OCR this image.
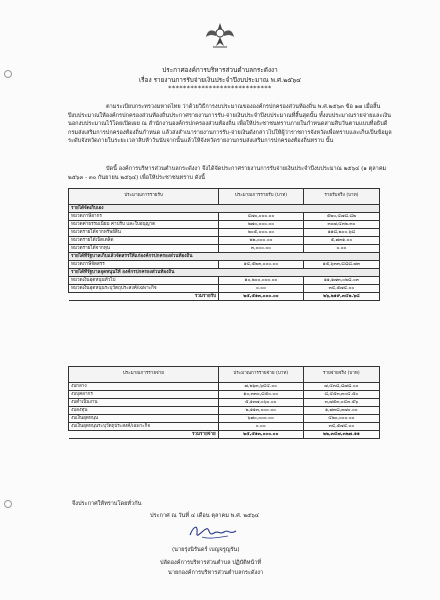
ประกาศองค์การบริหารส่วนตำบลกระดังงา
เรื่อง รายงานการรับจ่ายเงินประจำปีงบประมาณ พ.ศ.๒๕๖๔
****************************
ตามระเบียบกระทรวงมหาดไทย ว่าด้วยวิธีการงบประมาณขององค์กรปกครองส่วนท้องถิ่น พ.ศ.๒๕๖๓ ข้อ ๑๗ เมื่อสิ้นปีงบประมาณให้องค์กรปกครองส่วนท้องถิ่นประกาศรายงานการรับ-จ่ายเงินประจำปีงบประมาณที่สิ้นสุดนั้น ทั้งงบประมาณรายจ่ายและเงินนอกงบประมาณไว้โดยเปิดเผย ณ สำนักงานองค์กรปกครองส่วนท้องถิ่น เพื่อให้ประชาชนทราบภายในกำหนดสามสิบวันตามแบบที่อธิบดีกรมส่งเสริมการปกครองท้องถิ่นกำหนด แล้วส่งสำเนารายงานการรับ-จ่ายเงินดังกล่าวไปให้ผู้ว่าราชการจังหวัดเพื่อทราบและเก็บเป็นข้อมูลระดับจังหวัดภายในระยะเวลาสิบห้าวันนับจากนั้นแล้วให้จังหวัดรายงานกรมส่งเสริมการปกครองท้องถิ่นทราบ นั้น
บัดนี้ องค์การบริหารส่วนตำบลกระดังงา จึงได้จัดประกาศรายงานการรับจ่ายเงินประจำปีงบประมาณ ๒๕๖๔ (๑ ตุลาคม ๒๕๖๓ - ๓๐ กันยายน ๒๕๖๔) เพื่อให้ประชาชนทราบ ดังนี้
ประมาณการรายรับ	ประมาณการรายรับ (บาท)	รายรับจริง (บาท)
รายได้จัดเก็บเอง		
หมวดภาษีอากร	๔๗๐,๐๐๐.๐๐	๕๒๐,๔๗๘.๘๒
หมวดค่าธรรมเนียม ค่าปรับ และใบอนุญาต	๒๗๐,๐๐๐.๐๐	๓๐๗,๔๓๒.๓๐
หมวดรายได้จากทรัพย์สิน	๒๐๕,๐๐๐.๐๐	๑๑๘,๒๐๐.๖๘
หมวดรายได้เบ็ดเตล็ด	๒๒,๐๐๐.๐๐	๕,๗๓๑.๐๐
หมวดรายได้จากทุน	๓,๐๐๐.๐๐	๐.๐๐
รายได้ที่รัฐบาลเก็บแล้วจัดสรรให้แก่องค์กรปกครองส่วนท้องถิ่น		
หมวดภาษีจัดสรร	๑๔,๕๒๓,๐๐๐.๐๐	๑๕,๖๓๓,๘๘๘.๗๓
รายได้ที่รัฐบาลอุดหนุนให้ องค์กรปกครองส่วนท้องถิ่น		
หมวดเงินอุดหนุนทั่วไป	๑๐,๒๐๐,๐๐๐.๐๐	๑๑,๑๗๓,๐๒๘.๐๓
หมวดเงินอุดหนุนระบุวัตถุประสงค์/เฉพาะกิจ	๐.๐๐	๓๔,๕๗๔.๐๐
รวมรายรับ	๒๕,๕๑๓,๐๐๐.๐๐	๒๖,๒๑๙,๓๔๒.๖๘
ประมาณการรายจ่าย	ประมาณการรายจ่าย (บาท)	รายจ่ายจริง (บาท)
งบกลาง	๗,๒๖๓,๖๔๔.๐๐	๗,๔๓๘,๘๗๘.๐๐
งบบุคลากร	๑๐,๓๓๐,๘๕๐.๐๐	๘,๔๕๓,๓๐๔.๕๐
งบดำเนินงาน	๕,๑๓๗,๐๖๐.๐๐	๓,๗๕๓,๐๔๓.๕๖
งบลงทุน	๒,๑๑๓,๐๐๐.๐๐	๑,๗๓๘,๓๗๐.๐๐
งบเงินอุดหนุน	๖๗๐,๐๐๐.๐๐	๔๒๐,๐๐๐.๐๐
งบเงินอุดหนุนระบุวัตถุประสงค์/เฉพาะกิจ	๐.๐๐	๓๔,๕๗๔.๐๐
รวมรายจ่าย	๒๕,๕๑๓,๐๐๐.๐๐	๒๒,๓๔๗,๓๒๗.๑๑
จึงประกาศให้ทราบโดยทั่วกัน
ประกาศ ณ วันที่ ๔ เดือน ตุลาคม พ.ศ. ๒๕๖๔
(นายรุ่งนิรันดร์ เบญจรูญรัน)
ปลัดองค์การบริหารส่วนตำบล ปฏิบัติหน้าที่
นายกองค์การบริหารส่วนตำบลกระดังงา
